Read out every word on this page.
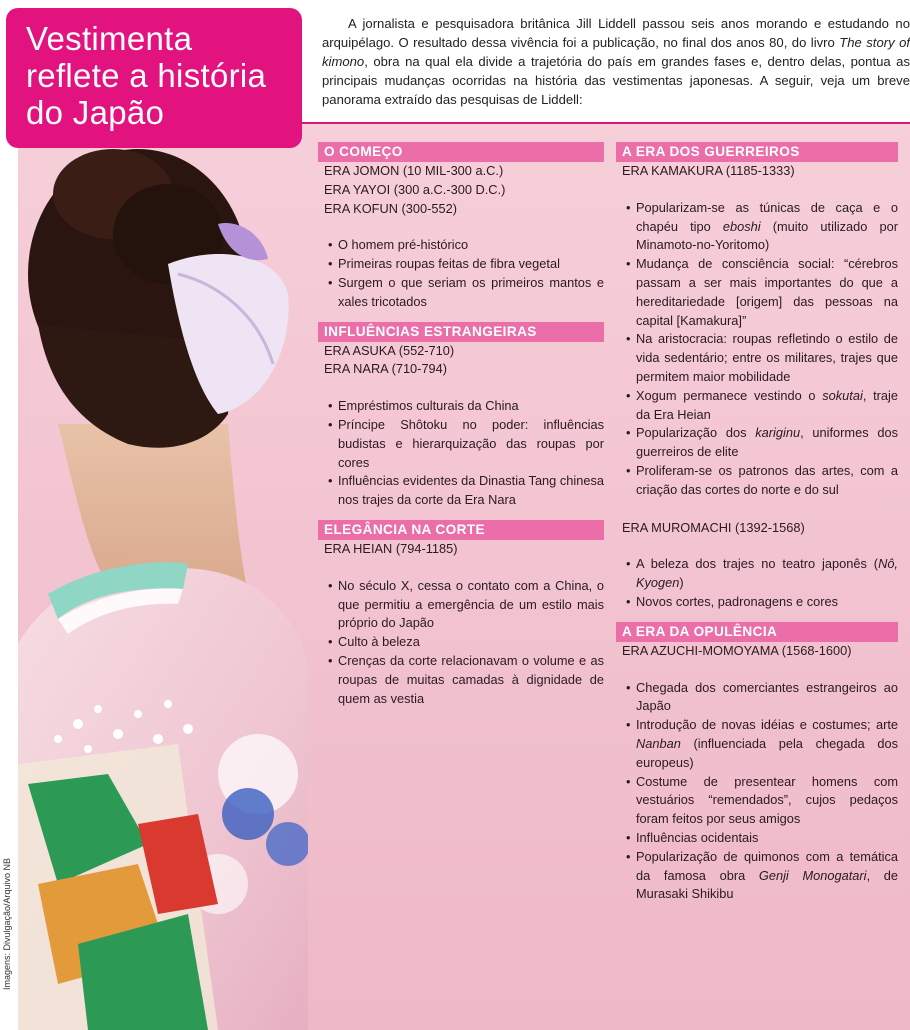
Imagens: Divulgação/Arquivo NB
Vestimenta
reflete a história
do Japão
A jornalista e pesquisadora britânica Jill Liddell passou seis anos morando e estudando no arquipélago. O resultado dessa vivência foi a publicação, no final dos anos 80, do livro The story of kimono, obra na qual ela divide a trajetória do país em grandes fases e, dentro delas, pontua as principais mudanças ocorridas na história das vestimentas japonesas. A seguir, veja um breve panorama extraído das pesquisas de Liddell:
O COMEÇO
ERA JOMON (10 MIL-300 a.C.)
ERA YAYOI (300 a.C.-300 D.C.)
ERA KOFUN (300-552)
• O homem pré-histórico
• Primeiras roupas feitas de fibra vegetal
• Surgem o que seriam os primeiros mantos e xales tricotados
INFLUÊNCIAS ESTRANGEIRAS
ERA ASUKA (552-710)
ERA NARA (710-794)
• Empréstimos culturais da China
• Príncipe Shôtoku no poder: influências budistas e hierarquização das roupas por cores
• Influências evidentes da Dinastia Tang chinesa nos trajes da corte da Era Nara
ELEGÂNCIA NA CORTE
ERA HEIAN (794-1185)
• No século X, cessa o contato com a China, o que permitiu a emergência de um estilo mais próprio do Japão
• Culto à beleza
• Crenças da corte relacionavam o volume e as roupas de muitas camadas à dignidade de quem as vestia
A ERA DOS GUERREIROS
ERA KAMAKURA (1185-1333)
• Popularizam-se as túnicas de caça e o chapéu tipo eboshi (muito utilizado por Minamoto-no-Yoritomo)
• Mudança de consciência social: “cérebros passam a ser mais importantes do que a hereditariedade [origem] das pessoas na capital [Kamakura]”
• Na aristocracia: roupas refletindo o estilo de vida sedentário; entre os militares, trajes que permitem maior mobilidade
• Xogum permanece vestindo o sokutai, traje da Era Heian
• Popularização dos kariginu, uniformes dos guerreiros de elite
• Proliferam-se os patronos das artes, com a criação das cortes do norte e do sul
ERA MUROMACHI (1392-1568)
• A beleza dos trajes no teatro japonês (Nô, Kyogen)
• Novos cortes, padronagens e cores
A ERA DA OPULÊNCIA
ERA AZUCHI-MOMOYAMA (1568-1600)
• Chegada dos comerciantes estrangeiros ao Japão
• Introdução de novas idéias e costumes; arte Nanban (influenciada pela chegada dos europeus)
• Costume de presentear homens com vestuários “remendados”, cujos pedaços foram feitos por seus amigos
• Influências ocidentais
• Popularização de quimonos com a temática da famosa obra Genji Monogatari, de Murasaki Shikibu
